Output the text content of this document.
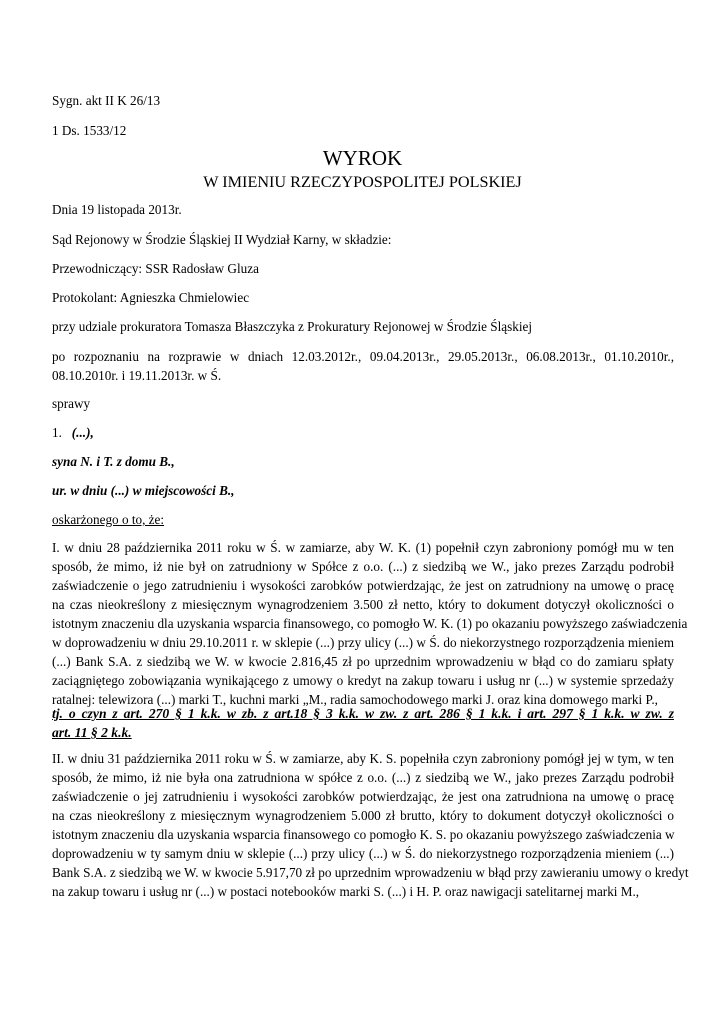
Sygn. akt II K 26/13

1 Ds. 1533/12

WYROK
W IMIENIU RZECZYPOSPOLITEJ POLSKIEJ

Dnia 19 listopada 2013r.

Sąd Rejonowy w Środzie Śląskiej II Wydział Karny, w składzie:

Przewodniczący: SSR Radosław Gluza

Protokolant: Agnieszka Chmielowiec

przy udziale prokuratora Tomasza Błaszczyka z Prokuratury Rejonowej w Środzie Śląskiej

po rozpoznaniu na rozprawie w dniach 12.03.2012r., 09.04.2013r., 29.05.2013r., 06.08.2013r., 01.10.2010r.,
08.10.2010r. i 19.11.2013r. w Ś.

sprawy

1. (...),

syna N. i T. z domu B.,

ur. w dniu (...) w miejscowości B.,

oskarżonego o to, że:

I. w dniu 28 października 2011 roku w Ś. w zamiarze, aby W. K. (1) popełnił czyn zabroniony pomógł mu w ten
sposób, że mimo, iż nie był on zatrudniony w Spółce z o.o. (...) z siedzibą we W., jako prezes Zarządu podrobił
zaświadczenie o jego zatrudnieniu i wysokości zarobków potwierdzając, że jest on zatrudniony na umowę o pracę
na czas nieokreślony z miesięcznym wynagrodzeniem 3.500 zł netto, który to dokument dotyczył okoliczności o
istotnym znaczeniu dla uzyskania wsparcia finansowego, co pomogło W. K. (1) po okazaniu powyższego zaświadczenia
w doprowadzeniu w dniu 29.10.2011 r. w sklepie (...) przy ulicy (...) w Ś. do niekorzystnego rozporządzenia mieniem
(...) Bank S.A. z siedzibą we W. w kwocie 2.816,45 zł po uprzednim wprowadzeniu w błąd co do zamiaru spłaty
zaciągniętego zobowiązania wynikającego z umowy o kredyt na zakup towaru i usług nr (...) w systemie sprzedaży
ratalnej: telewizora (...) marki T., kuchni marki „M., radia samochodowego marki J. oraz kina domowego marki P.,
tj. o czyn z art. 270 § 1 k.k. w zb. z art.18 § 3 k.k. w zw. z art. 286 § 1 k.k. i art. 297 § 1 k.k. w zw. z
art. 11 § 2 k.k.
II. w dniu 31 października 2011 roku w Ś. w zamiarze, aby K. S. popełniła czyn zabroniony pomógł jej w tym, w ten
sposób, że mimo, iż nie była ona zatrudniona w spółce z o.o. (...) z siedzibą we W., jako prezes Zarządu podrobił
zaświadczenie o jej zatrudnieniu i wysokości zarobków potwierdzając, że jest ona zatrudniona na umowę o pracę
na czas nieokreślony z miesięcznym wynagrodzeniem 5.000 zł brutto, który to dokument dotyczył okoliczności o
istotnym znaczeniu dla uzyskania wsparcia finansowego co pomogło K. S. po okazaniu powyższego zaświadczenia w
doprowadzeniu w ty samym dniu w sklepie (...) przy ulicy (...) w Ś. do niekorzystnego rozporządzenia mieniem (...)
Bank S.A. z siedzibą we W. w kwocie 5.917,70 zł po uprzednim wprowadzeniu w błąd przy zawieraniu umowy o kredyt
na zakup towaru i usług nr (...) w postaci notebooków marki S. (...) i H. P. oraz nawigacji satelitarnej marki M.,
